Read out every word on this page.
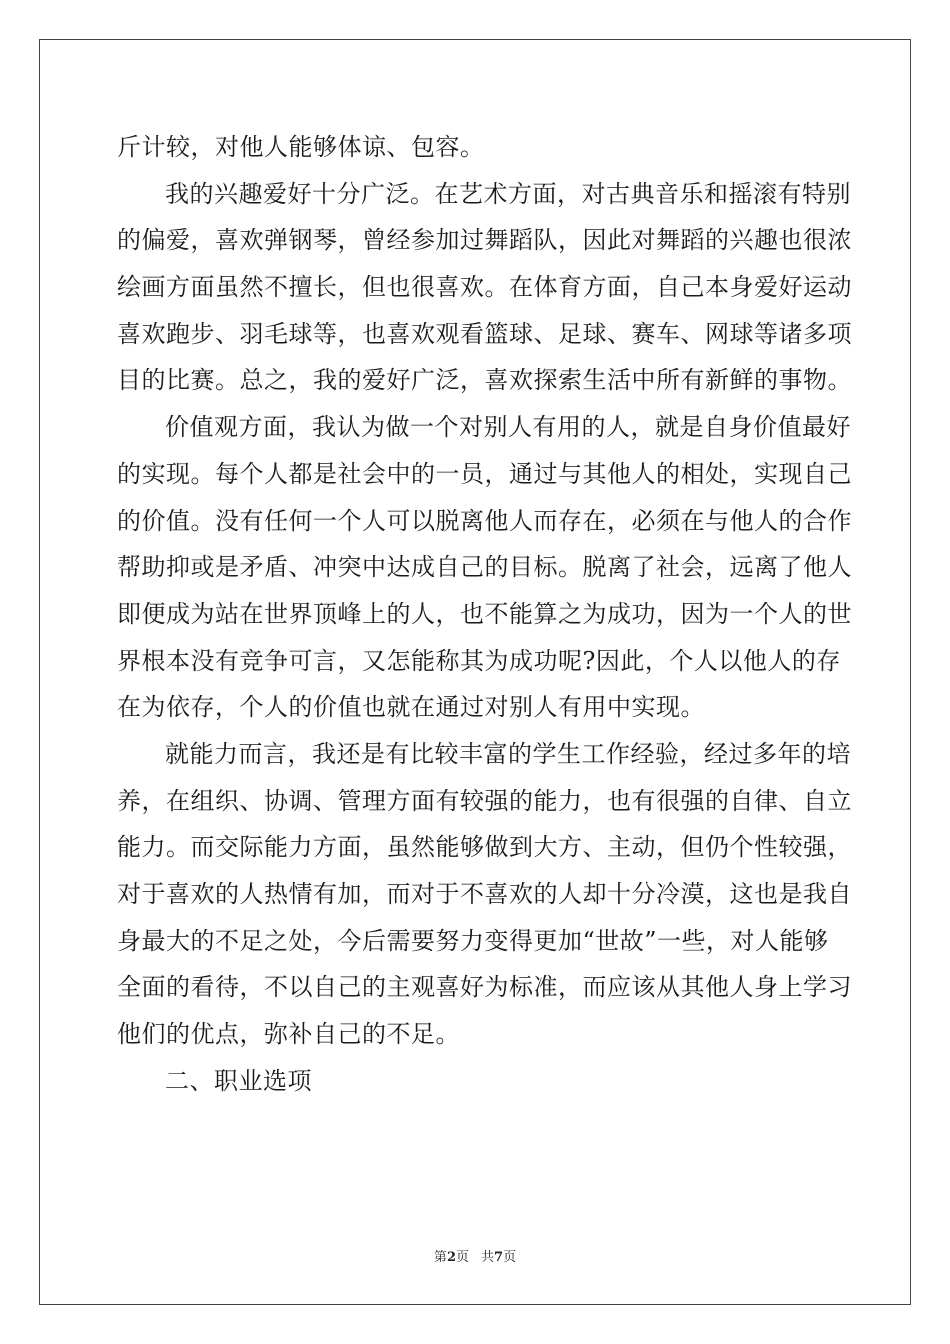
斤计较，对他人能够体谅、包容。
我的兴趣爱好十分广泛。在艺术方面，对古典音乐和摇滚有特别
的偏爱，喜欢弹钢琴，曾经参加过舞蹈队，因此对舞蹈的兴趣也很浓
绘画方面虽然不擅长，但也很喜欢。在体育方面，自己本身爱好运动
喜欢跑步、羽毛球等，也喜欢观看篮球、足球、赛车、网球等诸多项
目的比赛。总之，我的爱好广泛，喜欢探索生活中所有新鲜的事物。
价值观方面，我认为做一个对别人有用的人，就是自身价值最好
的实现。每个人都是社会中的一员，通过与其他人的相处，实现自己
的价值。没有任何一个人可以脱离他人而存在，必须在与他人的合作
帮助抑或是矛盾、冲突中达成自己的目标。脱离了社会，远离了他人
即便成为站在世界顶峰上的人，也不能算之为成功，因为一个人的世
界根本没有竞争可言，又怎能称其为成功呢?因此，个人以他人的存
在为依存，个人的价值也就在通过对别人有用中实现。
就能力而言，我还是有比较丰富的学生工作经验，经过多年的培
养，在组织、协调、管理方面有较强的能力，也有很强的自律、自立
能力。而交际能力方面，虽然能够做到大方、主动，但仍个性较强，
对于喜欢的人热情有加，而对于不喜欢的人却十分冷漠，这也是我自
身最大的不足之处，今后需要努力变得更加“世故”一些，对人能够
全面的看待，不以自己的主观喜好为标准，而应该从其他人身上学习
他们的优点，弥补自己的不足。
二、职业选项
第2页 共7页
